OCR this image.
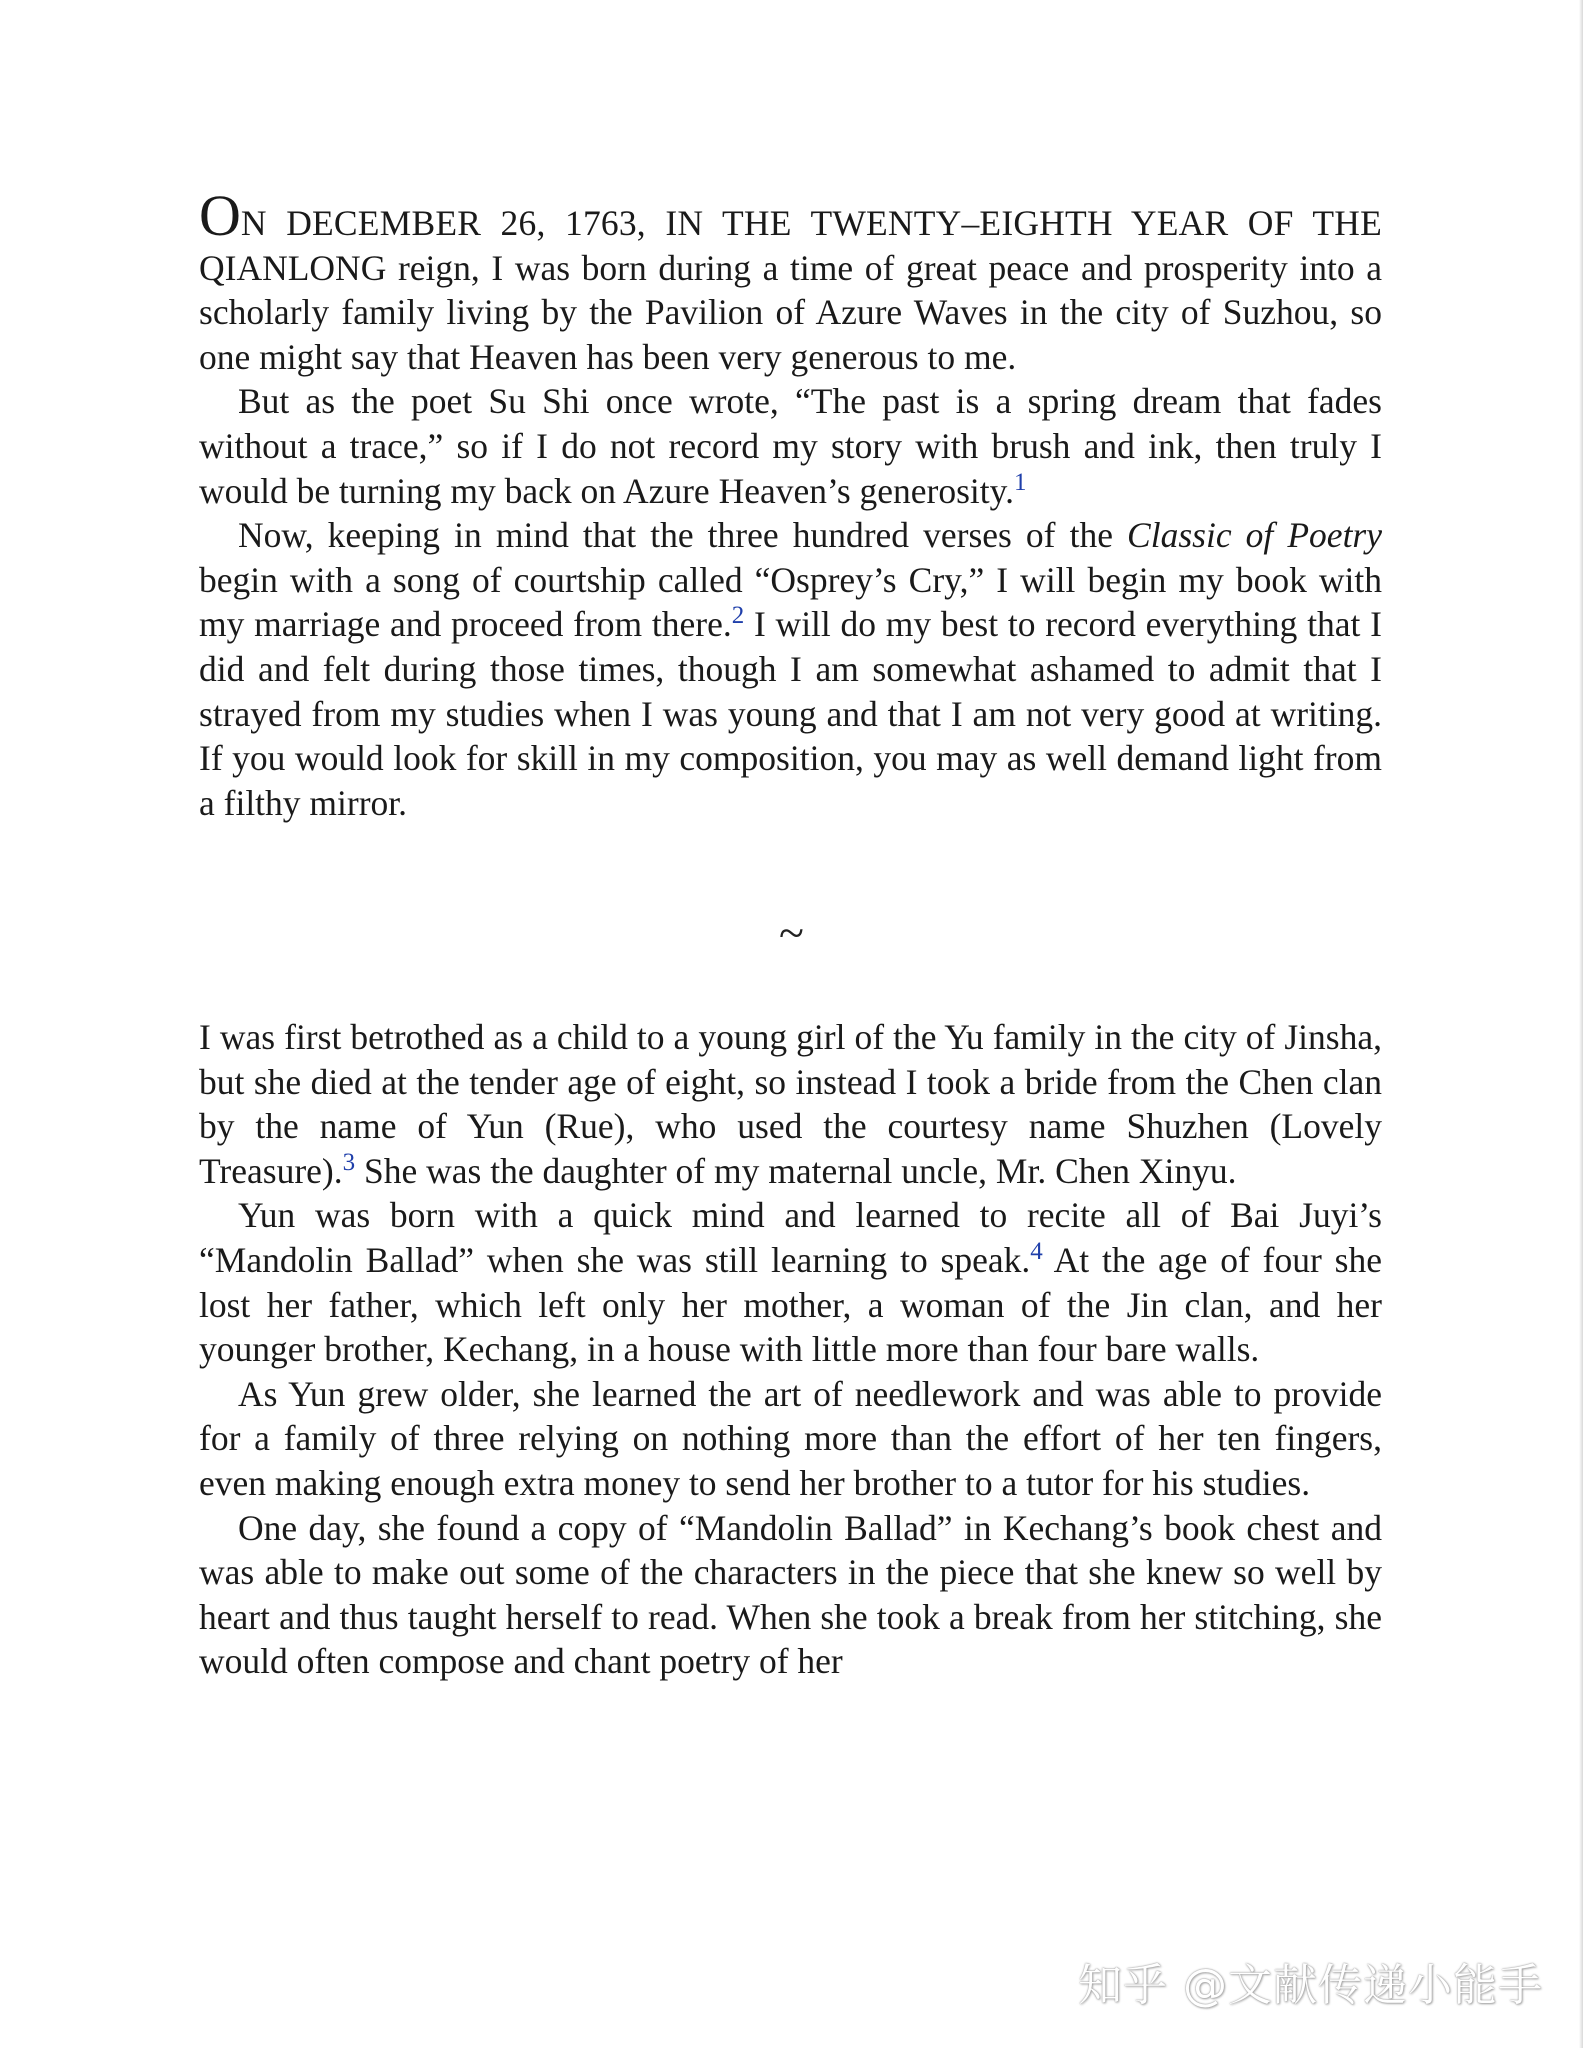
ON DECEMBER 26, 1763, IN THE TWENTY–EIGHTH YEAR OF THE QIANLONG reign, I was born during a time of great peace and prosperity into a scholarly family living by the Pavilion of Azure Waves in the city of Suzhou, so one might say that Heaven has been very generous to me.

But as the poet Su Shi once wrote, “The past is a spring dream that fades without a trace,” so if I do not record my story with brush and ink, then truly I would be turning my back on Azure Heaven’s generosity.$^1$

Now, keeping in mind that the three hundred verses of the Classic of Poetry begin with a song of courtship called “Osprey’s Cry,” I will begin my book with my marriage and proceed from there.$^2$ I will do my best to record everything that I did and felt during those times, though I am somewhat ashamed to admit that I strayed from my studies when I was young and that I am not very good at writing. If you would look for skill in my composition, you may as well demand light from a filthy mirror.

~

I was first betrothed as a child to a young girl of the Yu family in the city of Jinsha, but she died at the tender age of eight, so instead I took a bride from the Chen clan by the name of Yun (Rue), who used the courtesy name Shuzhen (Lovely Treasure).$^3$ She was the daughter of my maternal uncle, Mr. Chen Xinyu.

Yun was born with a quick mind and learned to recite all of Bai Juyi’s “Mandolin Ballad” when she was still learning to speak.$^4$ At the age of four she lost her father, which left only her mother, a woman of the Jin clan, and her younger brother, Kechang, in a house with little more than four bare walls.

As Yun grew older, she learned the art of needlework and was able to provide for a family of three relying on nothing more than the effort of her ten fingers, even making enough extra money to send her brother to a tutor for his studies.

One day, she found a copy of “Mandolin Ballad” in Kechang’s book chest and was able to make out some of the characters in the piece that she knew so well by heart and thus taught herself to read. When she took a break from her stitching, she would often compose and chant poetry of her

知乎 @文献传递小能手
